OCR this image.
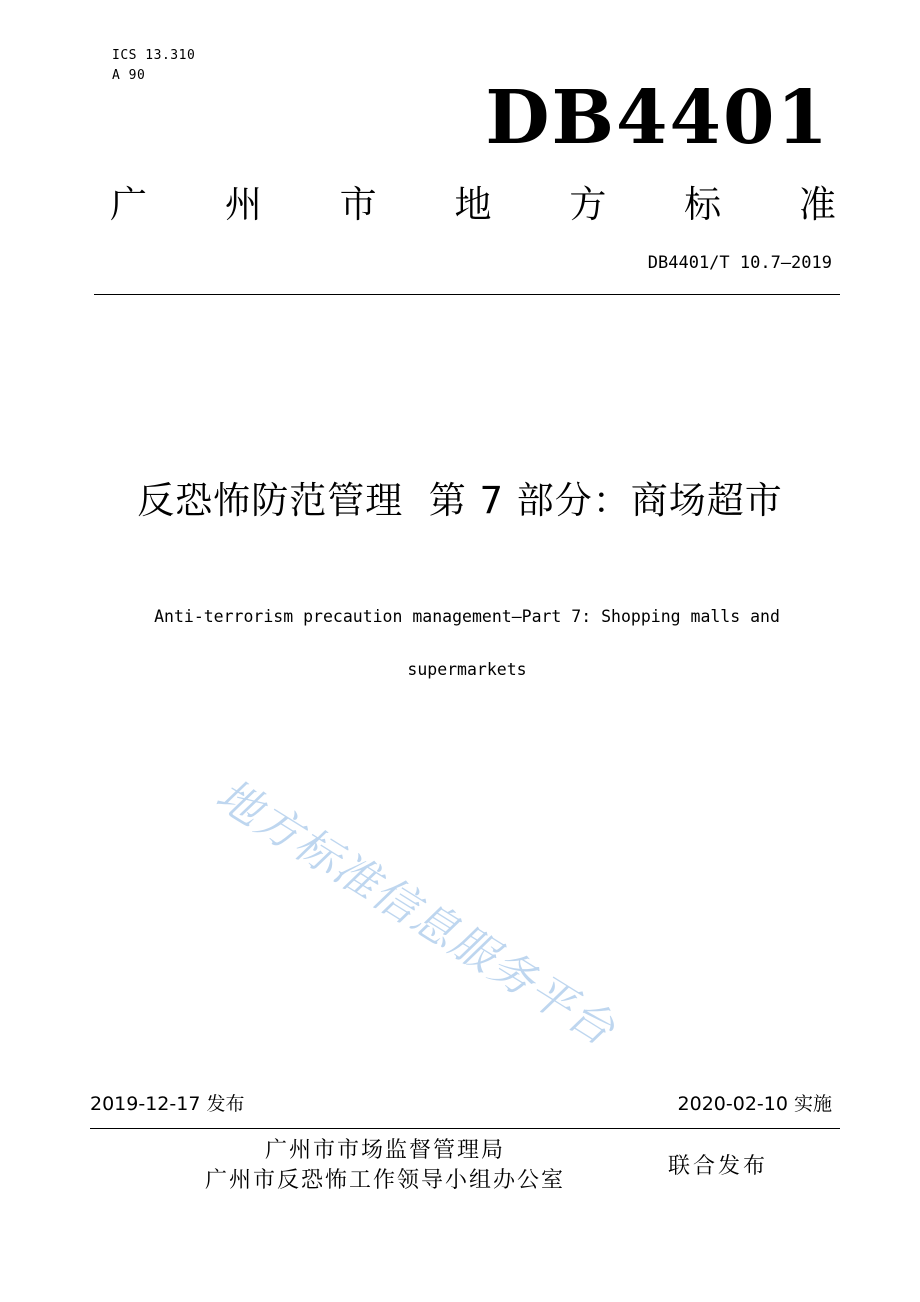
ICS 13.310
A 90	DB4401
广 州 市 地 方 标 准
DB4401/T 10.7—2019
反恐怖防范管理  第 7 部分：商场超市
Anti-terrorism precaution management—Part 7: Shopping malls and
supermarkets
地方标准信息服务平台
2019-12-17 发布	2020-02-10 实施
广州市市场监督管理局
广州市反恐怖工作领导小组办公室
联合发布
